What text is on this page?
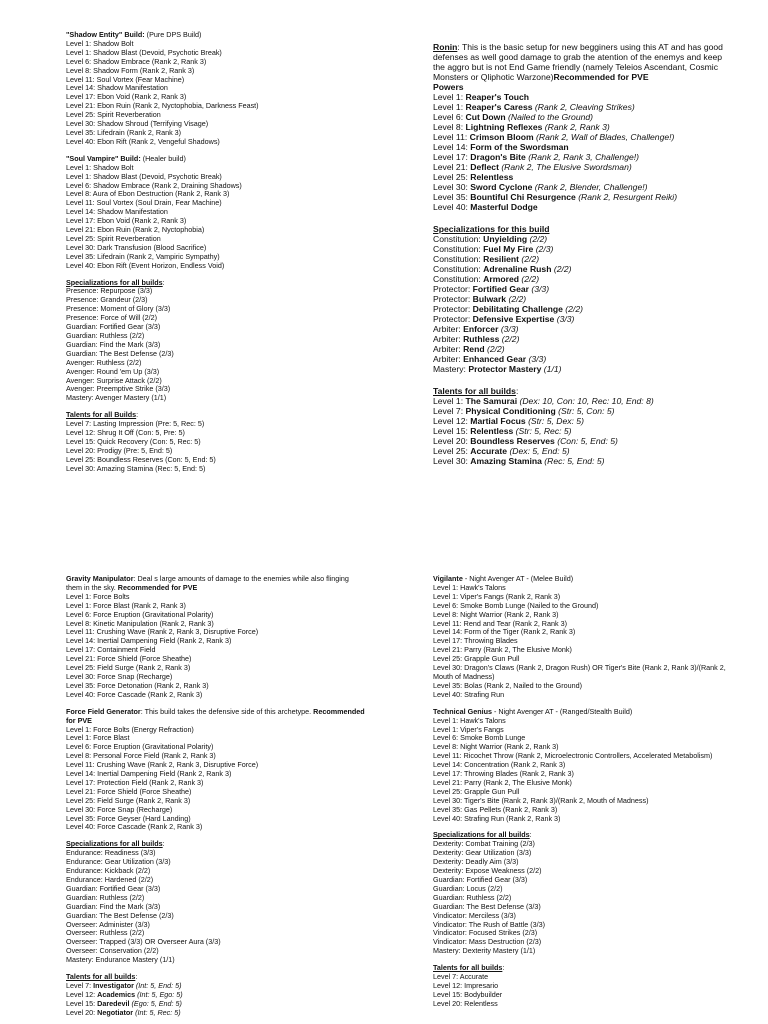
"Shadow Entity" Build: (Pure DPS Build)
Level 1: Shadow Bolt
Level 1: Shadow Blast (Devoid, Psychotic Break)
Level 6: Shadow Embrace (Rank 2, Rank 3)
Level 8: Shadow Form (Rank 2, Rank 3)
Level 11: Soul Vortex (Fear Machine)
Level 14: Shadow Manifestation
Level 17: Ebon Void (Rank 2, Rank 3)
Level 21: Ebon Ruin (Rank 2, Nyctophobia, Darkness Feast)
Level 25: Spirit Reverberation
Level 30: Shadow Shroud (Terrifying Visage)
Level 35: Lifedrain (Rank 2, Rank 3)
Level 40: Ebon Rift (Rank 2, Vengeful Shadows)
"Soul Vampire" Build: (Healer build)
Level 1: Shadow Bolt
Level 1: Shadow Blast (Devoid, Psychotic Break)
Level 6: Shadow Embrace (Rank 2, Draining Shadows)
Level 8: Aura of Ebon Destruction (Rank 2, Rank 3)
Level 11: Soul Vortex (Soul Drain, Fear Machine)
Level 14: Shadow Manifestation
Level 17: Ebon Void (Rank 2, Rank 3)
Level 21: Ebon Ruin (Rank 2, Nyctophobia)
Level 25: Spirit Reverberation
Level 30: Dark Transfusion (Blood Sacrifice)
Level 35: Lifedrain (Rank 2, Vampiric Sympathy)
Level 40: Ebon Rift (Event Horizon, Endless Void)
Specializations for all builds:
Presence: Repurpose (3/3)
Presence: Grandeur (2/3)
Presence: Moment of Glory (3/3)
Presence: Force of Will (2/2)
Guardian: Fortified Gear (3/3)
Guardian: Ruthless (2/2)
Guardian: Find the Mark (3/3)
Guardian: The Best Defense (2/3)
Avenger: Ruthless (2/2)
Avenger: Round 'em Up (3/3)
Avenger: Surprise Attack (2/2)
Avenger: Preemptive Strike (3/3)
Mastery: Avenger Mastery (1/1)
Talents for all Builds:
Level 7: Lasting Impression (Pre: 5, Rec: 5)
Level 12: Shrug It Off (Con: 5, Pre: 5)
Level 15: Quick Recovery (Con: 5, Rec: 5)
Level 20: Prodigy (Pre: 5, End: 5)
Level 25: Boundless Reserves (Con: 5, End: 5)
Level 30: Amazing Stamina (Rec: 5, End: 5)
Ronin: This is the basic setup for new begginers using this AT and has good defenses as well good damage to grab the atention of the enemys and keep the aggro but is not End Game friendly (namely Teleios Ascendant, Cosmic Monsters or Qliphotic Warzone)Recommended for PVE
Powers
Level 1: Reaper's Touch
Level 1: Reaper's Caress (Rank 2, Cleaving Strikes)
Level 6: Cut Down (Nailed to the Ground)
Level 8: Lightning Reflexes (Rank 2, Rank 3)
Level 11: Crimson Bloom (Rank 2, Wall of Blades, Challenge!)
Level 14: Form of the Swordsman
Level 17: Dragon's Bite (Rank 2, Rank 3, Challenge!)
Level 21: Deflect (Rank 2, The Elusive Swordsman)
Level 25: Relentless
Level 30: Sword Cyclone (Rank 2, Blender, Challenge!)
Level 35: Bountiful Chi Resurgence (Rank 2, Resurgent Reiki)
Level 40: Masterful Dodge
Specializations for this build
Constitution: Unyielding (2/2)
Constitution: Fuel My Fire (2/3)
Constitution: Resilient (2/2)
Constitution: Adrenaline Rush (2/2)
Constitution: Armored (2/2)
Protector: Fortified Gear (3/3)
Protector: Bulwark (2/2)
Protector: Debilitating Challenge (2/2)
Protector: Defensive Expertise (3/3)
Arbiter: Enforcer (3/3)
Arbiter: Ruthless (2/2)
Arbiter: Rend (2/2)
Arbiter: Enhanced Gear (3/3)
Mastery: Protector Mastery (1/1)
Talents for all builds:
Level 1: The Samurai (Dex: 10, Con: 10, Rec: 10, End: 8)
Level 7: Physical Conditioning (Str: 5, Con: 5)
Level 12: Martial Focus (Str: 5, Dex: 5)
Level 15: Relentless (Str: 5, Rec: 5)
Level 20: Boundless Reserves (Con: 5, End: 5)
Level 25: Accurate (Dex: 5, End: 5)
Level 30: Amazing Stamina (Rec: 5, End: 5)
Gravity Manipulator: Deal s large amounts of damage to the enemies while also flinging them in the sky. Recommended for PVE
Level 1: Force Bolts
Level 1: Force Blast (Rank 2, Rank 3)
Level 6: Force Eruption (Gravitational Polarity)
Level 8: Kinetic Manipulation (Rank 2, Rank 3)
Level 11: Crushing Wave (Rank 2, Rank 3, Disruptive Force)
Level 14: Inertial Dampening Field (Rank 2, Rank 3)
Level 17: Containment Field
Level 21: Force Shield (Force Sheathe)
Level 25: Field Surge (Rank 2, Rank 3)
Level 30: Force Snap (Recharge)
Level 35: Force Detonation (Rank 2, Rank 3)
Level 40: Force Cascade (Rank 2, Rank 3)
Force Field Generator: This build takes the defensive side of this archetype. Recommended for PVE
Level 1: Force Bolts (Energy Refraction)
Level 1: Force Blast
Level 6: Force Eruption (Gravitational Polarity)
Level 8: Personal Force Field (Rank 2, Rank 3)
Level 11: Crushing Wave (Rank 2, Rank 3, Disruptive Force)
Level 14: Inertial Dampening Field (Rank 2, Rank 3)
Level 17: Protection Field (Rank 2, Rank 3)
Level 21: Force Shield (Force Sheathe)
Level 25: Field Surge (Rank 2, Rank 3)
Level 30: Force Snap (Recharge)
Level 35: Force Geyser (Hard Landing)
Level 40: Force Cascade (Rank 2, Rank 3)
Specializations for all builds:
Endurance: Readiness (3/3)
Endurance: Gear Utilization (3/3)
Endurance: Kickback (2/2)
Endurance: Hardened (2/2)
Guardian: Fortified Gear (3/3)
Guardian: Ruthless (2/2)
Guardian: Find the Mark (3/3)
Guardian: The Best Defense (2/3)
Overseer: Administer (3/3)
Overseer: Ruthless (2/2)
Overseer: Trapped (3/3) OR Overseer Aura (3/3)
Overseer: Conservation (2/2)
Mastery: Endurance Mastery (1/1)
Talents for all builds:
Level 7: Investigator (Int: 5, End: 5)
Level 12: Academics (Int: 5, Ego: 5)
Level 15: Daredevil (Ego: 5, End: 5)
Level 20: Negotiator (Int: 5, Rec: 5)
Vigilante - Night Avenger AT - (Melee Build)
Level 1: Hawk's Talons
Level 1: Viper's Fangs (Rank 2, Rank 3)
Level 6: Smoke Bomb Lunge (Nailed to the Ground)
Level 8: Night Warrior (Rank 2, Rank 3)
Level 11: Rend and Tear (Rank 2, Rank 3)
Level 14: Form of the Tiger (Rank 2, Rank 3)
Level 17: Throwing Blades
Level 21: Parry (Rank 2, The Elusive Monk)
Level 25: Grapple Gun Pull
Level 30: Dragon's Claws (Rank 2, Dragon Rush) OR Tiger's Bite (Rank 2, Rank 3)/(Rank 2, Mouth of Madness)
Level 35: Bolas (Rank 2, Nailed to the Ground)
Level 40: Strafing Run
Technical Genius - Night Avenger AT - (Ranged/Stealth Build)
Level 1: Hawk's Talons
Level 1: Viper's Fangs
Level 6: Smoke Bomb Lunge
Level 8: Night Warrior (Rank 2, Rank 3)
Level 11: Ricochet Throw (Rank 2, Microelectronic Controllers, Accelerated Metabolism)
Level 14: Concentration (Rank 2, Rank 3)
Level 17: Throwing Blades (Rank 2, Rank 3)
Level 21: Parry (Rank 2, The Elusive Monk)
Level 25: Grapple Gun Pull
Level 30: Tiger's Bite (Rank 2, Rank 3)/(Rank 2, Mouth of Madness)
Level 35: Gas Pellets (Rank 2, Rank 3)
Level 40: Strafing Run (Rank 2, Rank 3)
Specializations for all builds:
Dexterity: Combat Training (2/3)
Dexterity: Gear Utilization (3/3)
Dexterity: Deadly Aim (3/3)
Dexterity: Expose Weakness (2/2)
Guardian: Fortified Gear (3/3)
Guardian: Locus (2/2)
Guardian: Ruthless (2/2)
Guardian: The Best Defense (3/3)
Vindicator: Merciless (3/3)
Vindicator: The Rush of Battle (3/3)
Vindicator: Focused Strikes (2/3)
Vindicator: Mass Destruction (2/3)
Mastery: Dexterity Mastery (1/1)
Talents for all builds:
Level 7: Accurate
Level 12: Impresario
Level 15: Bodybuilder
Level 20: Relentless
